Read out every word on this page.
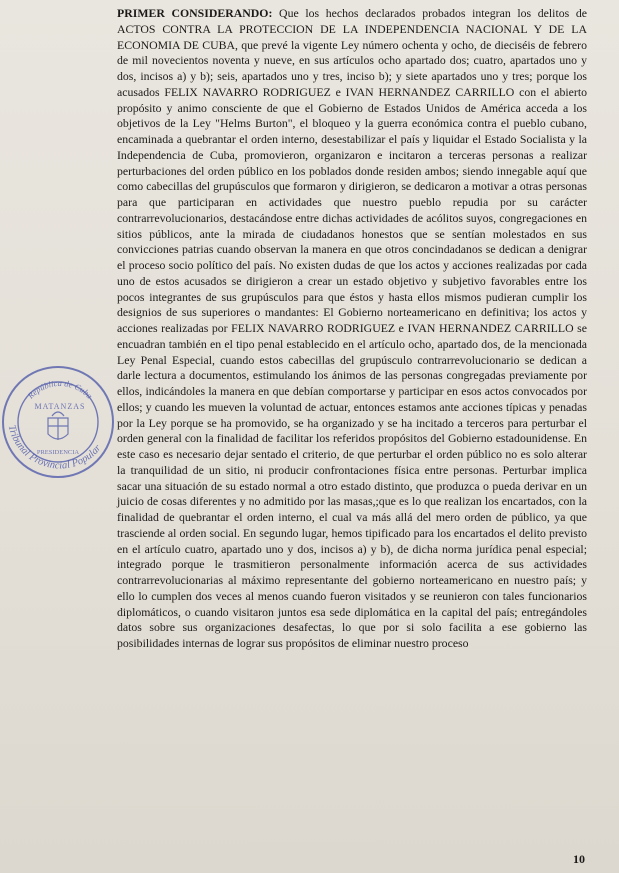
PRIMER CONSIDERANDO: Que los hechos declarados probados integran los delitos de ACTOS CONTRA LA PROTECCION DE LA INDEPENDENCIA NACIONAL Y DE LA ECONOMIA DE CUBA, que prevé la vigente Ley número ochenta y ocho, de dieciséis de febrero de mil novecientos noventa y nueve, en sus artículos ocho apartado dos; cuatro, apartados uno y dos, incisos a) y b); seis, apartados uno y tres, inciso b); y siete apartados uno y tres; porque los acusados FELIX NAVARRO RODRIGUEZ e IVAN HERNANDEZ CARRILLO con el abierto propósito y animo consciente de que el Gobierno de Estados Unidos de América acceda a los objetivos de la Ley "Helms Burton", el bloqueo y la guerra económica contra el pueblo cubano, encaminada a quebrantar el orden interno, desestabilizar el país y liquidar el Estado Socialista y la Independencia de Cuba, promovieron, organizaron e incitaron a terceras personas a realizar perturbaciones del orden público en los poblados donde residen ambos; siendo innegable aquí que como cabecillas del grupúsculos que formaron y dirigieron, se dedicaron a motivar a otras personas para que participaran en actividades que nuestro pueblo repudia por su carácter contrarrevolucionarios, destacándose entre dichas actividades de acólitos suyos, congregaciones en sitios públicos, ante la mirada de ciudadanos honestos que se sentían molestados en sus convicciones patrias cuando observan la manera en que otros concindadanos se dedican a denigrar el proceso socio político del país. No existen dudas de que los actos y acciones realizadas por cada uno de estos acusados se dirigieron a crear un estado objetivo y subjetivo favorables entre los pocos integrantes de sus grupúsculos para que éstos y hasta ellos mismos pudieran cumplir los designios de sus superiores o mandantes: El Gobierno norteamericano en definitiva; los actos y acciones realizadas por FELIX NAVARRO RODRIGUEZ e IVAN HERNANDEZ CARRILLO se encuadran también en el tipo penal establecido en el artículo ocho, apartado dos, de la mencionada Ley Penal Especial, cuando estos cabecillas del grupúsculo contrarrevolucionario se dedican a darle lectura a documentos, estimulando los ánimos de las personas congregadas previamente por ellos, indicándoles la manera en que debían comportarse y participar en esos actos convocados por ellos; y cuando les mueven la voluntad de actuar, entonces estamos ante acciones típicas y penadas por la Ley porque se ha promovido, se ha organizado y se ha incitado a terceros para perturbar el orden general con la finalidad de facilitar los referidos propósitos del Gobierno estadounidense. En este caso es necesario dejar sentado el criterio, de que perturbar el orden público no es solo alterar la tranquilidad de un sitio, ni producir confrontaciones física entre personas. Perturbar implica sacar una situación de su estado normal a otro estado distinto, que produzca o pueda derivar en un juicio de cosas diferentes y no admitido por las masas,;que es lo que realizan los encartados, con la finalidad de quebrantar el orden interno, el cual va más allá del mero orden de público, ya que trasciende al orden social. En segundo lugar, hemos tipificado para los encartados el delito previsto en el artículo cuatro, apartado uno y dos, incisos a) y b), de dicha norma jurídica penal especial; integrado porque le trasmitieron personalmente información acerca de sus actividades contrarrevolucionarias al máximo representante del gobierno norteamericano en nuestro país; y ello lo cumplen dos veces al menos cuando fueron visitados y se reunieron con tales funcionarios diplomáticos, o cuando visitaron juntos esa sede diplomática en la capital del país; entregándoles datos sobre sus organizaciones desafectas, lo que por si solo facilita a ese gobierno las posibilidades internas de lograr sus propósitos de eliminar nuestro proceso

República de Cuba
MATANZAS
PRESIDENCIA
Tribunal Provincial Popular
10
